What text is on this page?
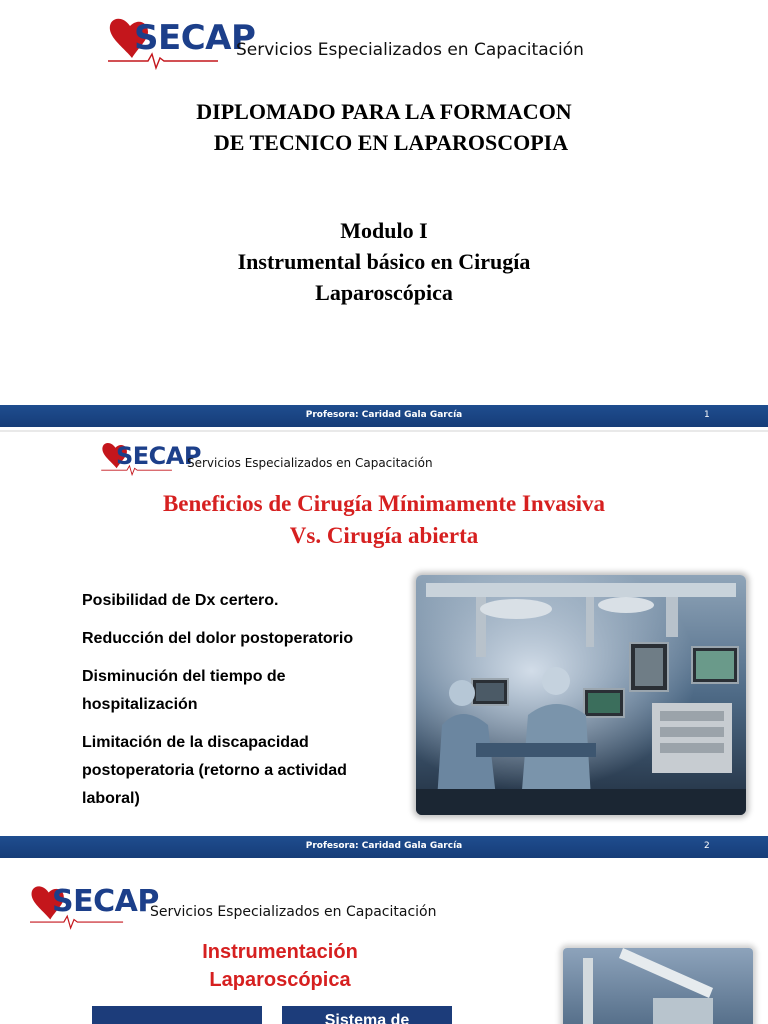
SECAP
Servicios Especializados en Capacitación
DIPLOMADO PARA LA FORMACON
DE TECNICO EN LAPAROSCOPIA
Modulo I
Instrumental básico en Cirugía
Laparoscópica
Profesora: Caridad Gala García	1
SECAP
Servicios Especializados en Capacitación
Beneficios de Cirugía Mínimamente Invasiva
Vs. Cirugía abierta
Posibilidad de Dx certero.
Reducción del dolor postoperatorio
Disminución del tiempo de
hospitalización
Limitación de la discapacidad
postoperatoria (retorno a actividad
laboral)
Profesora: Caridad Gala García	2
SECAP
Servicios Especializados en Capacitación
Instrumentación
Laparoscópica
Sistema de
